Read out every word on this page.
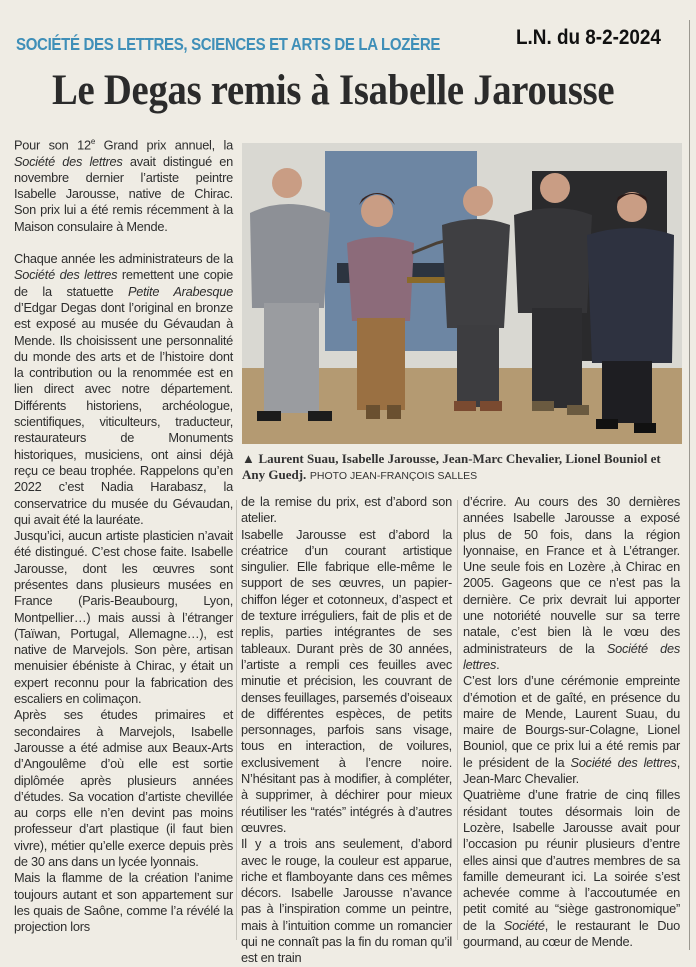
SOCIÉTÉ DES LETTRES, SCIENCES ET ARTS DE LA LOZÈRE	L.N. du 8-2-2024
Le Degas remis à Isabelle Jarousse

Pour son 12e Grand prix annuel, la Société des lettres avait distingué en novembre dernier l’artiste peintre Isabelle Jarousse, native de Chirac. Son prix lui a été remis récemment à la Maison consulaire à Mende.

Chaque année les administrateurs de la Société des lettres remettent une copie de la statuette Petite Arabesque d’Edgar Degas dont l’original en bronze est exposé au musée du Gévaudan à Mende. Ils choisissent une personnalité du monde des arts et de l’histoire dont la contribution ou la renommée est en lien direct avec notre département. Différents historiens, archéologue, scientifiques, viticulteurs, traducteur, restaurateurs de Monuments historiques, musiciens, ont ainsi déjà reçu ce beau trophée. Rappelons qu’en 2022 c’est Nadia Harabasz, la conservatrice du musée du Gévaudan, qui avait été la lauréate.

Jusqu’ici, aucun artiste plasticien n’avait été distingué. C’est chose faite. Isabelle Jarousse, dont les œuvres sont présentes dans plusieurs musées en France (Paris-Beaubourg, Lyon, Montpellier…) mais aussi à l’étranger (Taïwan, Portugal, Allemagne…), est native de Marvejols. Son père, artisan menuisier ébéniste à Chirac, y était un expert reconnu pour la fabrication des escaliers en colimaçon.

Après ses études primaires et secondaires à Marvejols, Isabelle Jarousse a été admise aux Beaux-Arts d’Angoulême d’où elle est sortie diplômée après plusieurs années d’études. Sa vocation d’artiste chevillée au corps elle n’en devint pas moins professeur d’art plastique (il faut bien vivre), métier qu’elle exerce depuis près de 30 ans dans un lycée lyonnais.

Mais la flamme de la création l’anime toujours autant et son appartement sur les quais de Saône, comme l’a révélé la projection lors

de la remise du prix, est d’abord son atelier.

Isabelle Jarousse est d’abord la créatrice d’un courant artistique singulier. Elle fabrique elle-même le support de ses œuvres, un papier-chiffon léger et cotonneux, d’aspect et de texture irréguliers, fait de plis et de replis, parties intégrantes de ses tableaux. Durant près de 30 années, l’artiste a rempli ces feuilles avec minutie et précision, les couvrant de denses feuillages, parsemés d’oiseaux de différentes espèces, de petits personnages, parfois sans visage, tous en interaction, de voilures, exclusivement à l’encre noire. N’hésitant pas à modifier, à compléter, à supprimer, à déchirer pour mieux réutiliser les “ratés” intégrés à d’autres œuvres.

Il y a trois ans seulement, d’abord avec le rouge, la couleur est apparue, riche et flamboyante dans ces mêmes décors. Isabelle Jarousse n’avance pas à l’inspiration comme un peintre, mais à l’intuition comme un romancier qui ne connaît pas la fin du roman qu’il est en train

d’écrire. Au cours des 30 dernières années Isabelle Jarousse a exposé plus de 50 fois, dans la région lyonnaise, en France et à L’étranger. Une seule fois en Lozère ,à Chirac en 2005. Gageons que ce n’est pas la dernière. Ce prix devrait lui apporter une notoriété nouvelle sur sa terre natale, c’est bien là le vœu des administrateurs de la Société des lettres.

C’est lors d’une cérémonie empreinte d’émotion et de gaîté, en présence du maire de Mende, Laurent Suau, du maire de Bourgs-sur-Colagne, Lionel Bouniol, que ce prix lui a été remis par le président de la Société des lettres, Jean-Marc Chevalier.

Quatrième d’une fratrie de cinq filles résidant toutes désormais loin de Lozère, Isabelle Jarousse avait pour l’occasion pu réunir plusieurs d’entre elles ainsi que d’autres membres de sa famille demeurant ici. La soirée s’est achevée comme à l’accoutumée en petit comité au “siège gastronomique” de la Société, le restaurant le Duo gourmand, au cœur de Mende.

▲ Laurent Suau, Isabelle Jarousse, Jean-Marc Chevalier, Lionel Bouniol et Any Guedj. PHOTO JEAN-FRANÇOIS SALLES
